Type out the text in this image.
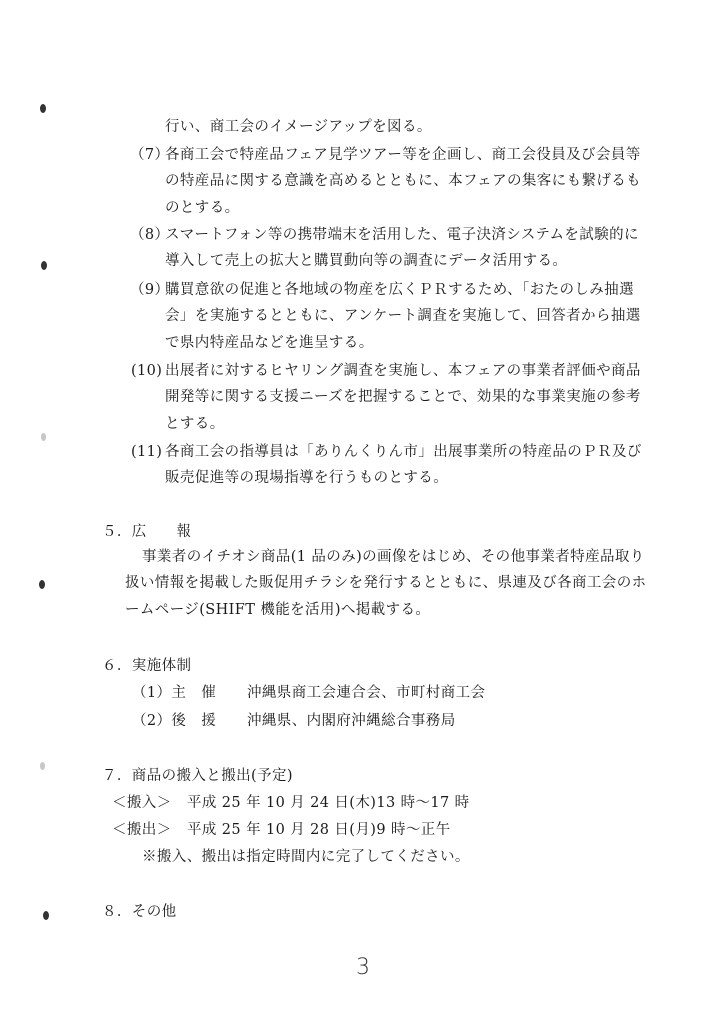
行い、商工会のイメージアップを図る。
（7）
各商工会で特産品フェア見学ツアー等を企画し、商工会役員及び会員等
の特産品に関する意識を高めるとともに、本フェアの集客にも繋げるも
のとする。
（8）
スマートフォン等の携帯端末を活用した、電子決済システムを試験的に
導入して売上の拡大と購買動向等の調査にデータ活用する。
（9）
購買意欲の促進と各地域の物産を広くＰＲするため、「おたのしみ抽選
会」を実施するとともに、アンケート調査を実施して、回答者から抽選
で県内特産品などを進呈する。
(10) 出展者に対するヒヤリング調査を実施し、本フェアの事業者評価や商品
開発等に関する支援ニーズを把握することで、効果的な事業実施の参考
とする。
(11) 各商工会の指導員は「ありんくりん市」出展事業所の特産品のＰＲ及び
販売促進等の現場指導を行うものとする。
５．広　　報
事業者のイチオシ商品(1 品のみ)の画像をはじめ、その他事業者特産品取り
扱い情報を掲載した販促用チラシを発行するとともに、県連及び各商工会のホ
ームページ(SHIFT 機能を活用)へ掲載する。
６．実施体制
（1）主　催 沖縄県商工会連合会、市町村商工会
（2）後　援 沖縄県、内閣府沖縄総合事務局
７．商品の搬入と搬出(予定)
＜搬入＞ 平成 25 年 10 月 24 日(木)13 時～17 時
＜搬出＞ 平成 25 年 10 月 28 日(月)9 時～正午
※搬入、搬出は指定時間内に完了してください。
８．その他
3
